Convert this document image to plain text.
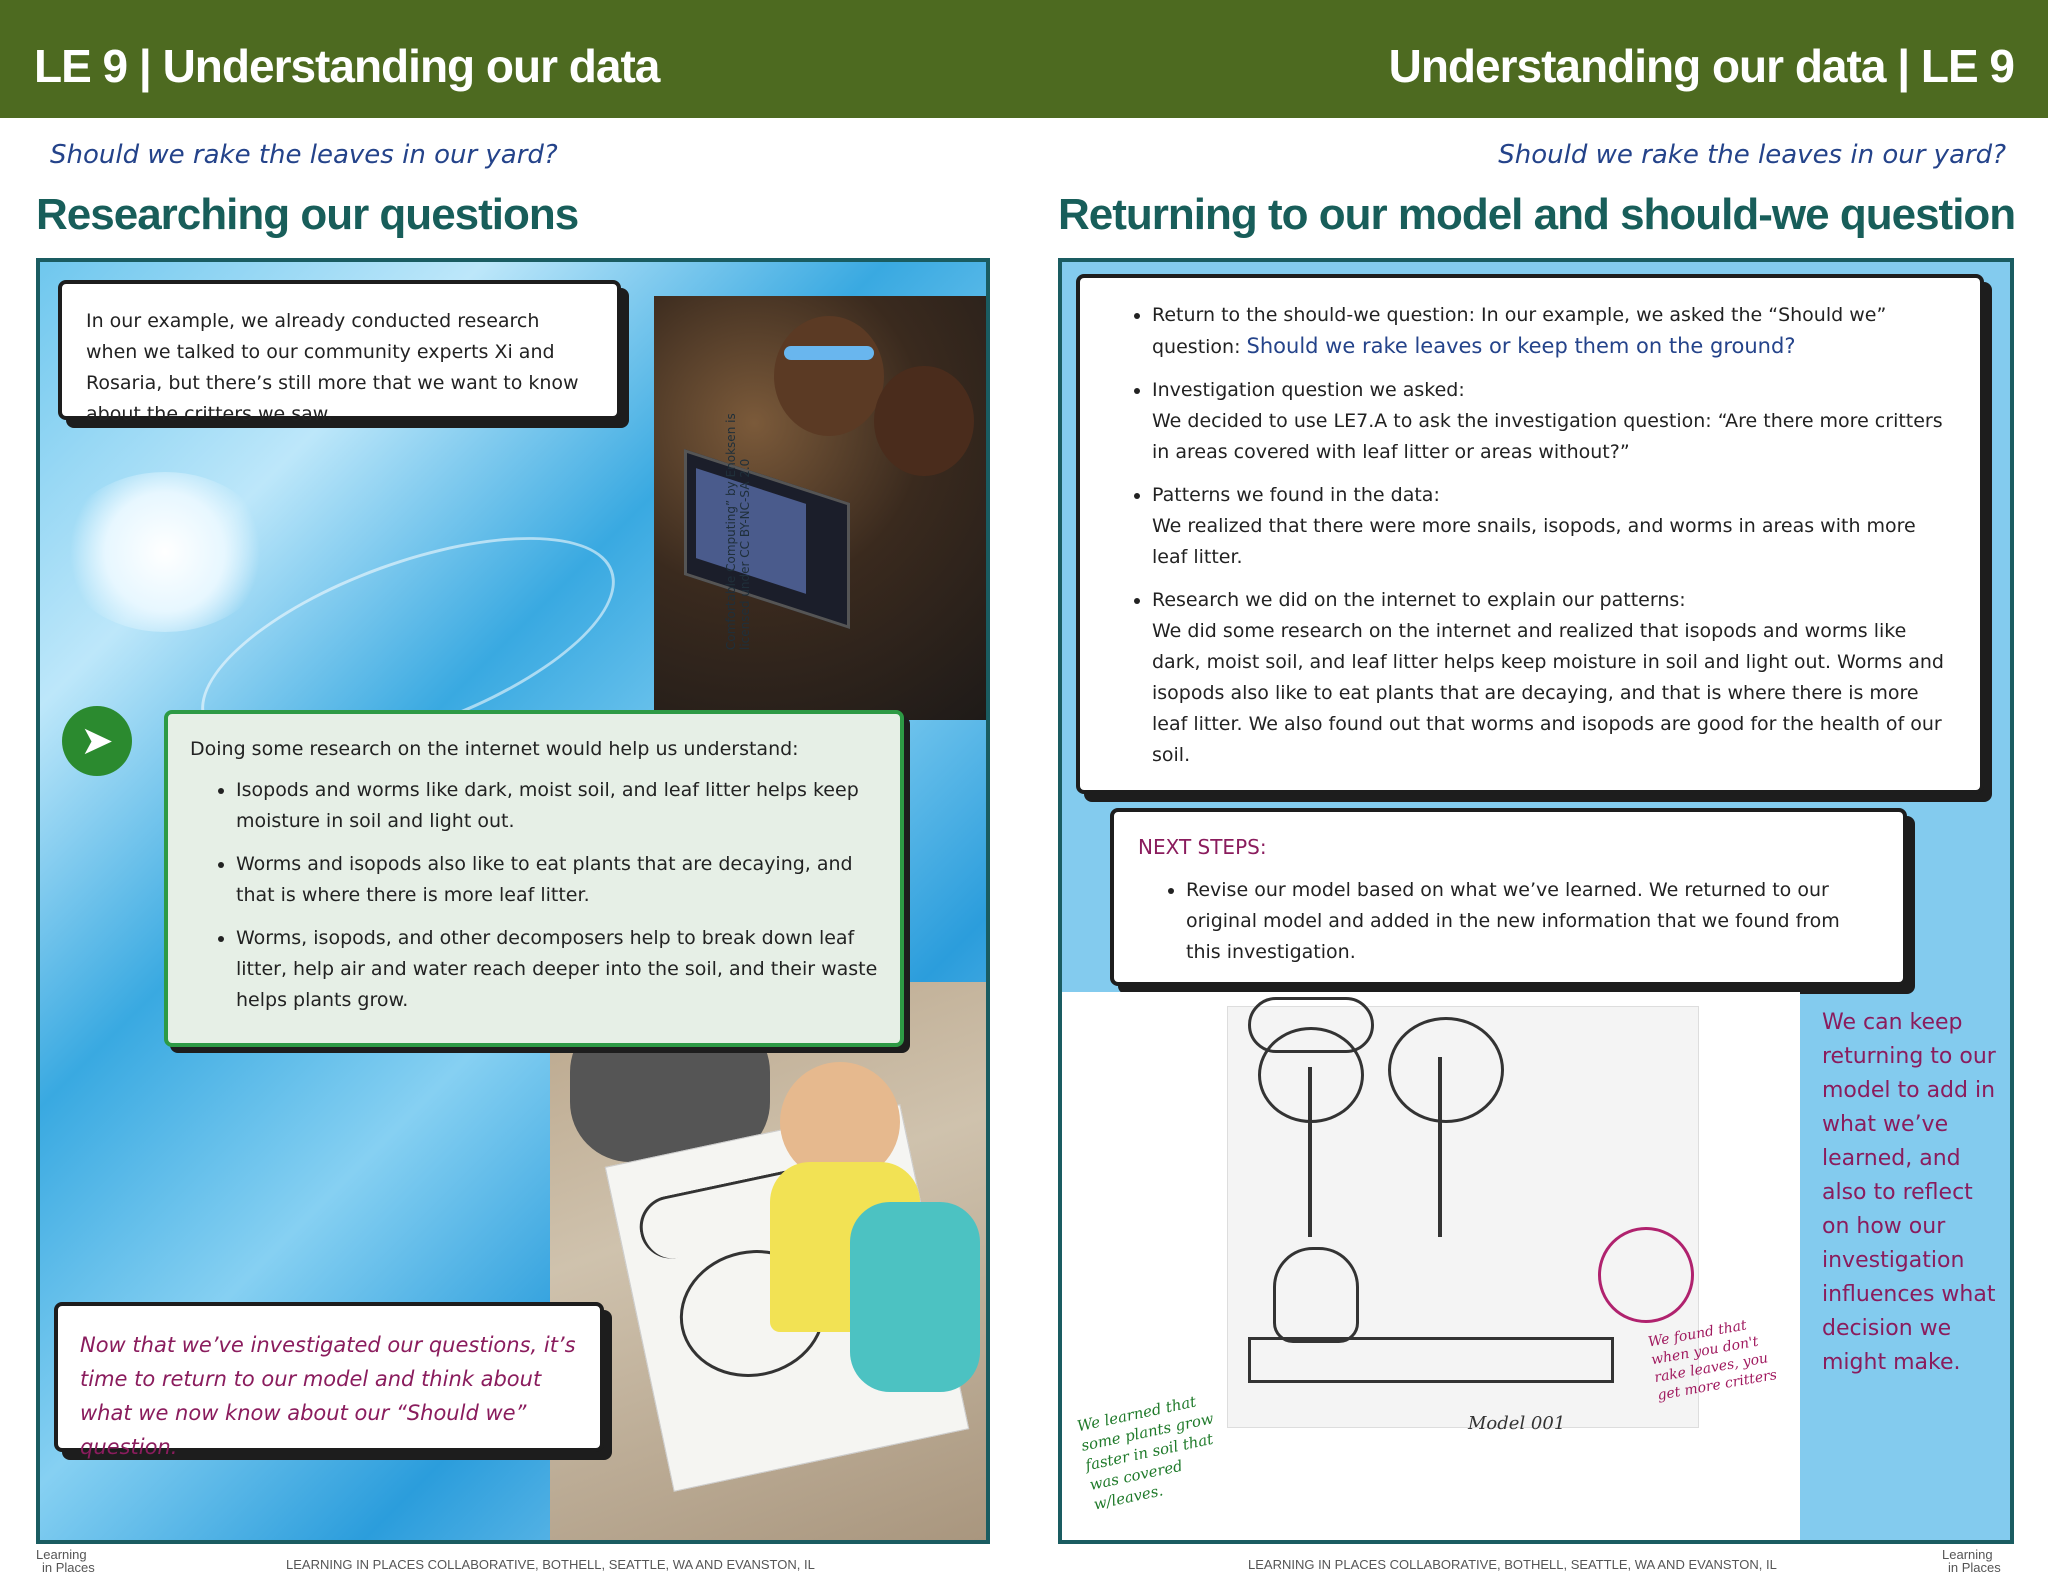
LE 9 | Understanding our data	Understanding our data | LE 9
Should we rake the leaves in our yard?	Should we rake the leaves in our yard?
Researching our questions	Returning to our model and should-we question
Comfortable Computing” by Enoksen is licensed under CC BY-NC-SA 2.0
In our example, we already conducted research when we talked to our community experts Xi and Rosaria, but there’s still more that we want to know about the critters we saw.
➤	Doing some research on the internet would help us understand:
• Isopods and worms like dark, moist soil, and leaf litter helps keep moisture in soil and light out.
• Worms and isopods also like to eat plants that are decaying, and that is where there is more leaf litter.
• Worms, isopods, and other decomposers help to break down leaf litter, help air and water reach deeper into the soil, and their waste helps plants grow.
Now that we’ve investigated our questions, it’s time to return to our model and think about what we now know about our “Should we” question.
• Return to the should-we question: In our example, we asked the “Should we” question: Should we rake leaves or keep them on the ground?
• Investigation question we asked:
We decided to use LE7.A to ask the investigation question: “Are there more critters in areas covered with leaf litter or areas without?”
• Patterns we found in the data:
We realized that there were more snails, isopods, and worms in areas with more leaf litter.
• Research we did on the internet to explain our patterns:
We did some research on the internet and realized that isopods and worms like dark, moist soil, and leaf litter helps keep moisture in soil and light out. Worms and isopods also like to eat plants that are decaying, and that is where there is more leaf litter. We also found out that worms and isopods are good for the health of our soil.
NEXT STEPS:
• Revise our model based on what we’ve learned. We returned to our original model and added in the new information that we found from this investigation.
Model 001
We learned that some plants grow faster in soil that was covered w/leaves.
We found that when you don't rake leaves, you get more critters
We can keep returning to our model to add in what we’ve learned, and also to reflect on how our investigation influences what decision we might make.
Learning
in Places	LEARNING IN PLACES COLLABORATIVE, BOTHELL, SEATTLE, WA AND EVANSTON, IL	LEARNING IN PLACES COLLABORATIVE, BOTHELL, SEATTLE, WA AND EVANSTON, IL
Learning
in Places
